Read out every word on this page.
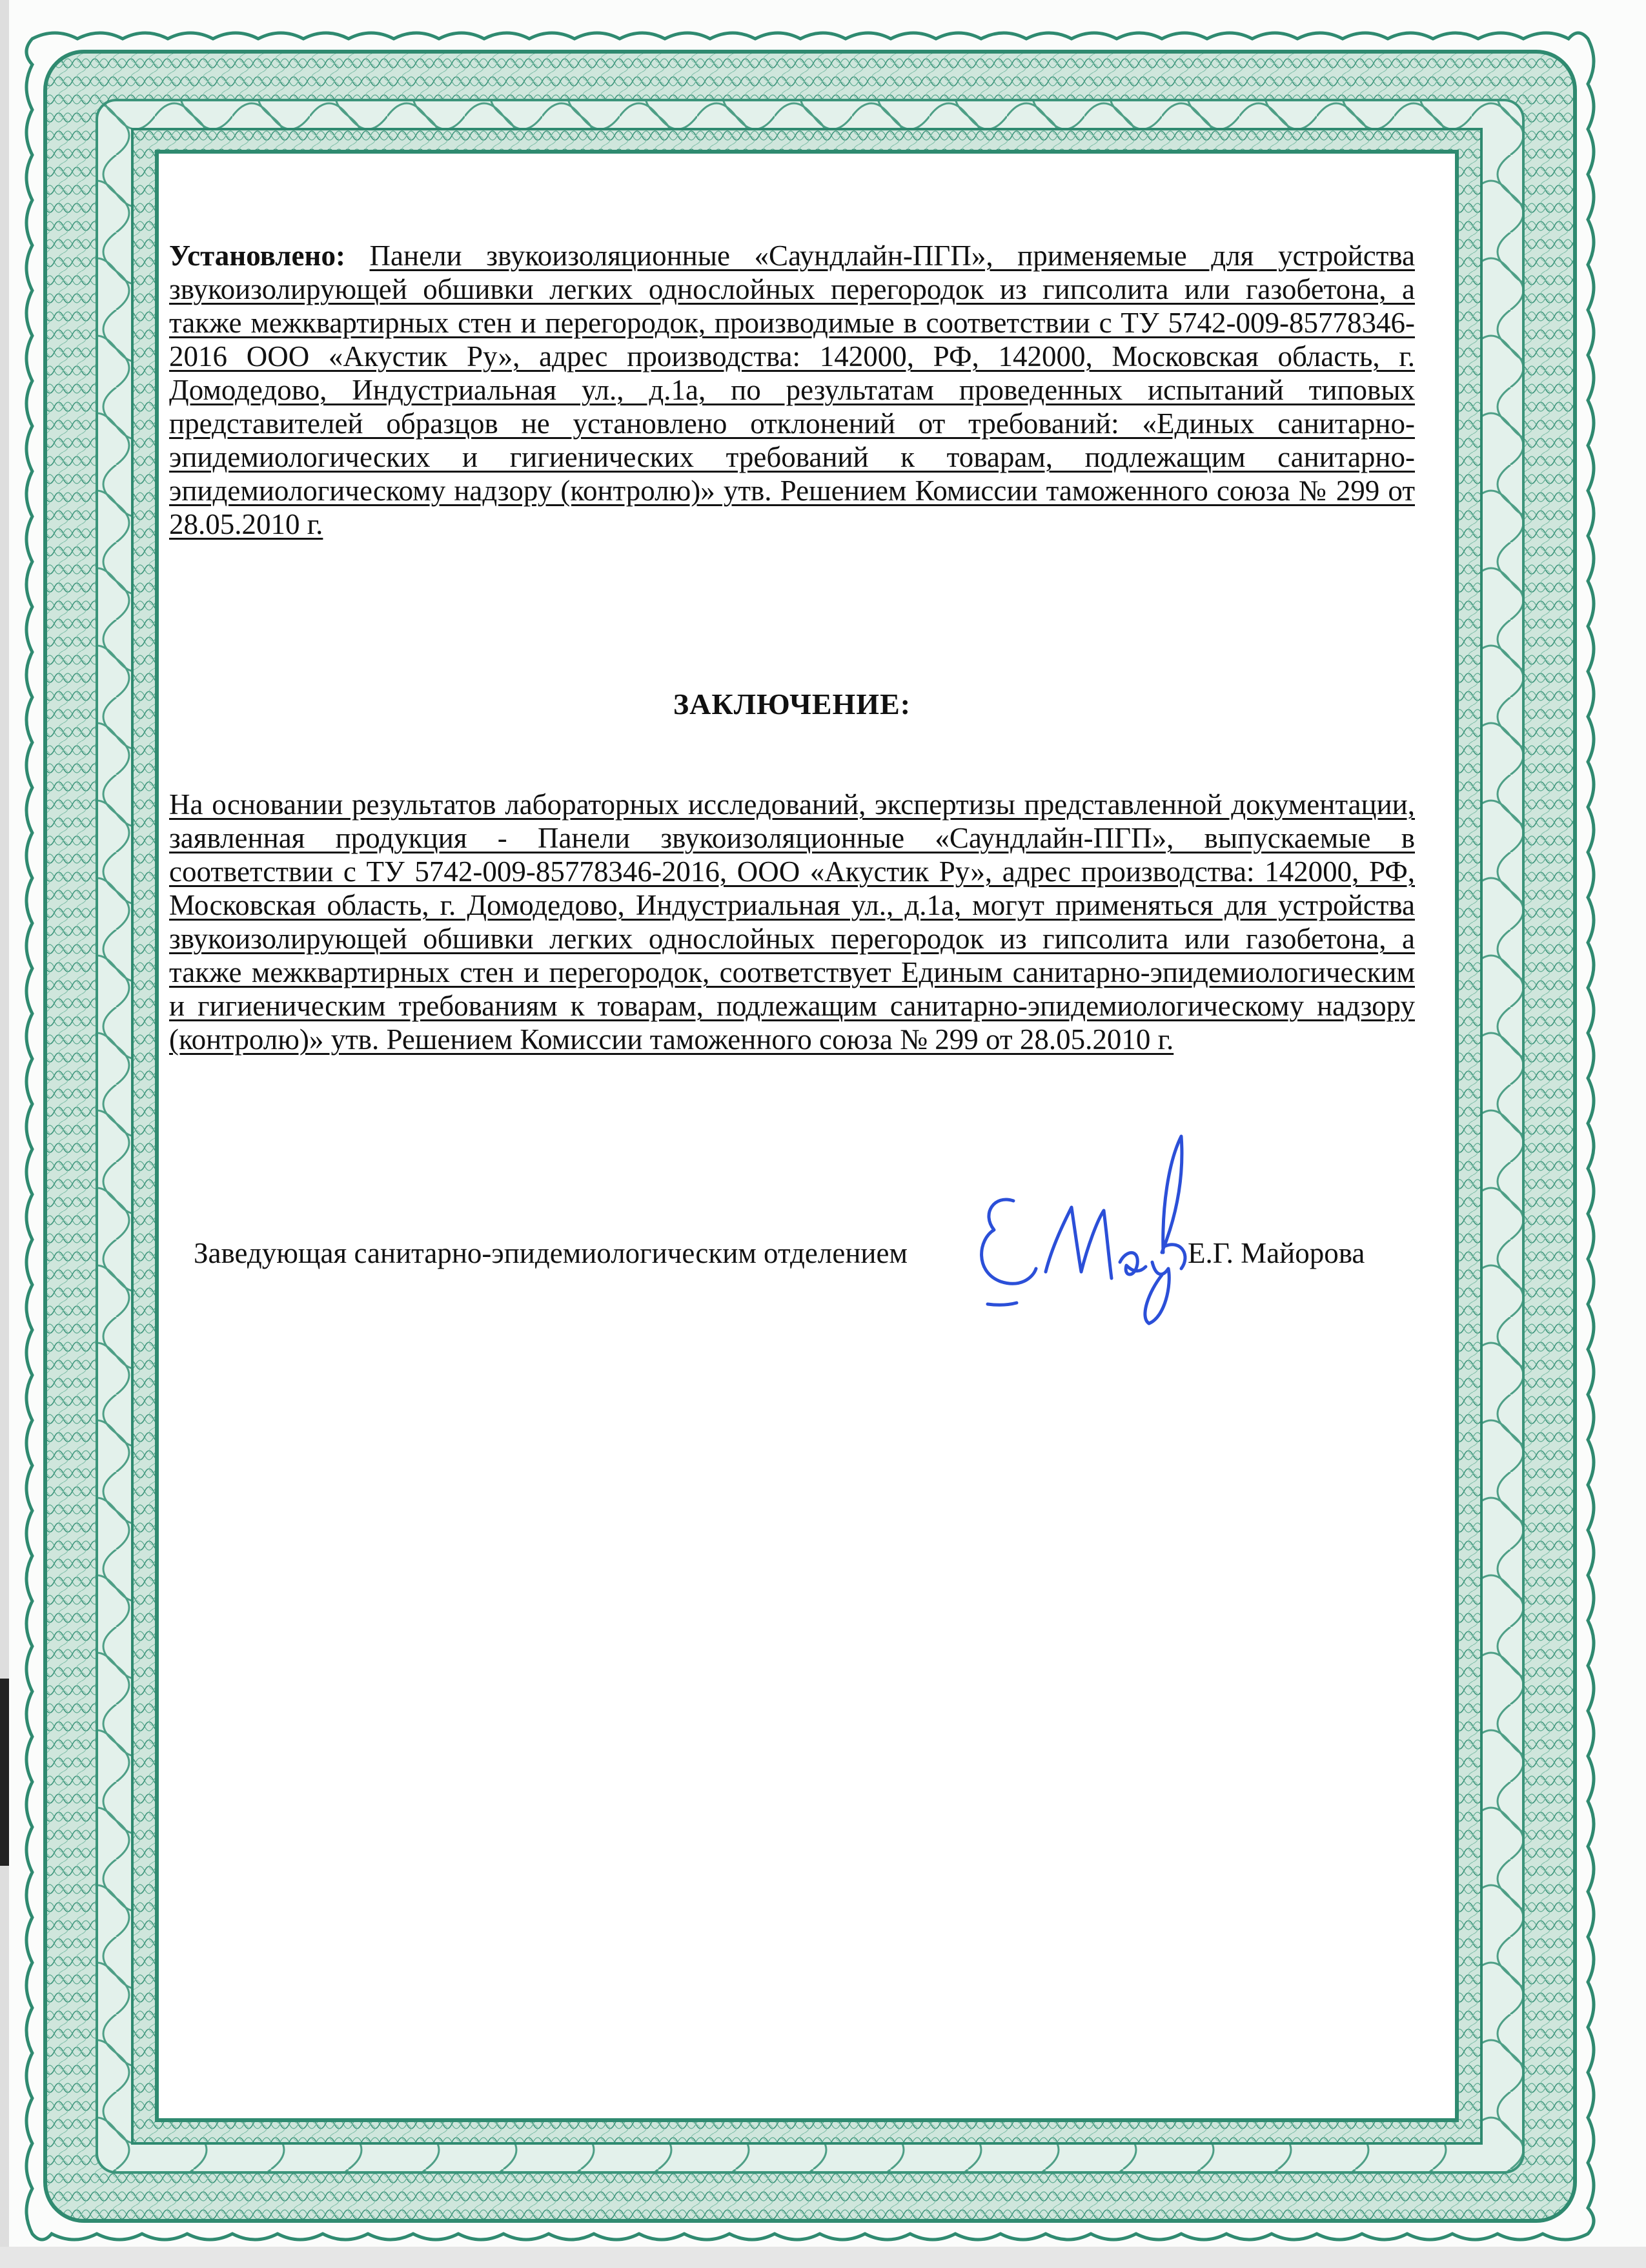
Установлено: Панели звукоизоляционные «Саундлайн-ПГП», применяемые для устройства звукоизолирующей обшивки легких однослойных перегородок из гипсолита или газобетона, а также межквартирных стен и перегородок, производимые в соответствии с ТУ 5742-009-85778346-2016 ООО «Акустик Ру», адрес производства: 142000, РФ, 142000, Московская область, г. Домодедово, Индустриальная ул., д.1а, по результатам проведенных испытаний типовых представителей образцов не установлено отклонений от требований: «Единых санитарно-эпидемиологических и гигиенических требований к товарам, подлежащим санитарно-эпидемиологическому надзору (контролю)» утв. Решением Комиссии таможенного союза № 299 от 28.05.2010 г.

ЗАКЛЮЧЕНИЕ:

На основании результатов лабораторных исследований, экспертизы представленной документации, заявленная продукция - Панели звукоизоляционные «Саундлайн-ПГП», выпускаемые в соответствии с ТУ 5742-009-85778346-2016, ООО «Акустик Ру», адрес производства: 142000, РФ, Московская область, г. Домодедово, Индустриальная ул., д.1а, могут применяться для устройства звукоизолирующей обшивки легких однослойных перегородок из гипсолита или газобетона, а также межквартирных стен и перегородок, соответствует Единым санитарно-эпидемиологическим и гигиеническим требованиям к товарам, подлежащим санитарно-эпидемиологическому надзору (контролю)» утв. Решением Комиссии таможенного союза № 299 от 28.05.2010 г.

Заведующая санитарно-эпидемиологическим отделением	Е.Г. Майорова
